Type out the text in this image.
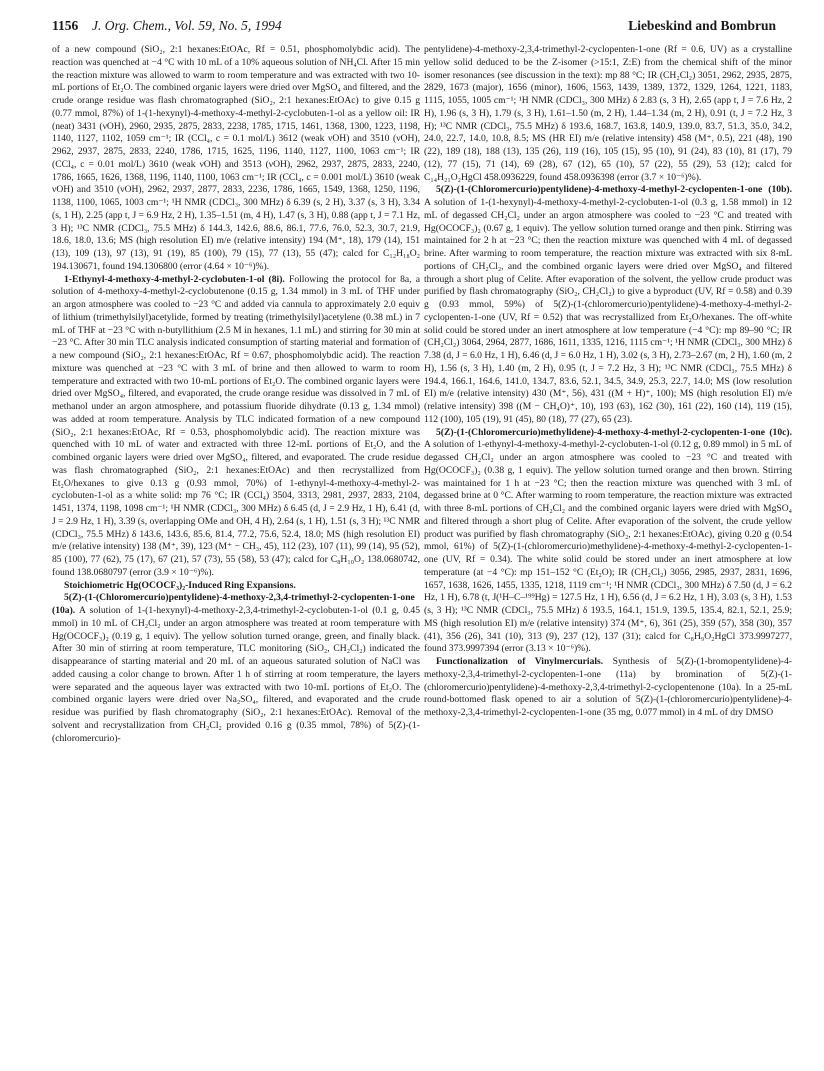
1156 J. Org. Chem., Vol. 59, No. 5, 1994	Liebeskind and Bombrun

of a new compound (SiO₂, 2:1 hexanes:EtOAc, Rf = 0.51, phosphomolybdic acid). The reaction was quenched at −4 °C with 10 mL of a 10% aqueous solution of NH₄Cl. After 15 min the reaction mixture was allowed to warm to room temperature and was extracted with two 10-mL portions of Et₂O. The combined organic layers were dried over MgSO₄ and filtered, and the crude orange residue was flash chromatographed (SiO₂, 2:1 hexanes:EtOAc) to give 0.15 g (0.77 mmol, 87%) of 1-(1-hexynyl)-4-methoxy-4-methyl-2-cyclobuten-1-ol as a yellow oil: IR (neat) 3431 (νOH), 2960, 2935, 2875, 2833, 2238, 1785, 1715, 1461, 1368, 1300, 1223, 1198, 1140, 1127, 1102, 1059 cm⁻¹; IR (CCl₄, c = 0.1 mol/L) 3612 (weak νOH) and 3510 (νOH), 2962, 2937, 2875, 2833, 2240, 1786, 1715, 1625, 1196, 1140, 1127, 1100, 1063 cm⁻¹; IR (CCl₄, c = 0.01 mol/L) 3610 (weak νOH) and 3513 (νOH), 2962, 2937, 2875, 2833, 2240, 1786, 1665, 1626, 1368, 1196, 1140, 1100, 1063 cm⁻¹; IR (CCl₄, c = 0.001 mol/L) 3610 (weak νOH) and 3510 (νOH), 2962, 2937, 2877, 2833, 2236, 1786, 1665, 1549, 1368, 1250, 1196, 1138, 1100, 1065, 1003 cm⁻¹; ¹H NMR (CDCl₃, 300 MHz) δ 6.39 (s, 2 H), 3.37 (s, 3 H), 3.34 (s, 1 H), 2.25 (app t, J = 6.9 Hz, 2 H), 1.35–1.51 (m, 4 H), 1.47 (s, 3 H), 0.88 (app t, J = 7.1 Hz, 3 H); ¹³C NMR (CDCl₃, 75.5 MHz) δ 144.3, 142.6, 88.6, 86.1, 77.6, 76.0, 52.3, 30.7, 21.9, 18.6, 18.0, 13.6; MS (high resolution EI) m/e (relative intensity) 194 (M⁺, 18), 179 (14), 151 (13), 109 (13), 97 (13), 91 (19), 85 (100), 79 (15), 77 (13), 55 (47); calcd for C₁₂H₁₈O₂ 194.130671, found 194.1306800 (error (4.64 × 10⁻⁶)%).

1-Ethynyl-4-methoxy-4-methyl-2-cyclobuten-1-ol (8i). Following the protocol for 8a, a solution of 4-methoxy-4-methyl-2-cyclobutenone (0.15 g, 1.34 mmol) in 3 mL of THF under an argon atmosphere was cooled to −23 °C and added via cannula to approximately 2.0 equiv of lithium (trimethylsilyl)acetylide, formed by treating (trimethylsilyl)acetylene (0.38 mL) in 7 mL of THF at −23 °C with n-butyllithium (2.5 M in hexanes, 1.1 mL) and stirring for 30 min at −23 °C. After 30 min TLC analysis indicated consumption of starting material and formation of a new compound (SiO₂, 2:1 hexanes:EtOAc, Rf = 0.67, phosphomolybdic acid). The reaction mixture was quenched at −23 °C with 3 mL of brine and then allowed to warm to room temperature and extracted with two 10-mL portions of Et₂O. The combined organic layers were dried over MgSO₄, filtered, and evaporated, the crude orange residue was dissolved in 7 mL of methanol under an argon atmosphere, and potassium fluoride dihydrate (0.13 g, 1.34 mmol) was added at room temperature. Analysis by TLC indicated formation of a new compound (SiO₂, 2:1 hexanes:EtOAc, Rf = 0.53, phosphomolybdic acid). The reaction mixture was quenched with 10 mL of water and extracted with three 12-mL portions of Et₂O, and the combined organic layers were dried over MgSO₄, filtered, and evaporated. The crude residue was flash chromatographed (SiO₂, 2:1 hexanes:EtOAc) and then recrystallized from Et₂O/hexanes to give 0.13 g (0.93 mmol, 70%) of 1-ethynyl-4-methoxy-4-methyl-2-cyclobuten-1-ol as a white solid: mp 76 °C; IR (CCl₄) 3504, 3313, 2981, 2937, 2833, 2104, 1451, 1374, 1198, 1098 cm⁻¹; ¹H NMR (CDCl₃, 300 MHz) δ 6.45 (d, J = 2.9 Hz, 1 H), 6.41 (d, J = 2.9 Hz, 1 H), 3.39 (s, overlapping OMe and OH, 4 H), 2.64 (s, 1 H), 1.51 (s, 3 H); ¹³C NMR (CDCl₃, 75.5 MHz) δ 143.6, 143.6, 85.6, 81.4, 77.2, 75.6, 52.4, 18.0; MS (high resolution EI) m/e (relative intensity) 138 (M⁺, 39), 123 (M⁺ − CH₃, 45), 112 (23), 107 (11), 99 (14), 95 (52), 85 (100), 77 (62), 75 (17), 67 (21), 57 (73), 55 (58), 53 (47); calcd for C₈H₁₀O₂ 138.0680742, found 138.0680797 (error (3.9 × 10⁻⁶)%).

Stoichiometric Hg(OCOCF₃)₂-Induced Ring Expansions.

5(Z)-(1-(Chloromercurio)pentylidene)-4-methoxy-2,3,4-trimethyl-2-cyclopenten-1-one (10a). A solution of 1-(1-hexynyl)-4-methoxy-2,3,4-trimethyl-2-cyclobuten-1-ol (0.1 g, 0.45 mmol) in 10 mL of CH₂Cl₂ under an argon atmosphere was treated at room temperature with Hg(OCOCF₃)₂ (0.19 g, 1 equiv). The yellow solution turned orange, green, and finally black. After 30 min of stirring at room temperature, TLC monitoring (SiO₂, CH₂Cl₂) indicated the disappearance of starting material and 20 mL of an aqueous saturated solution of NaCl was added causing a color change to brown. After 1 h of stirring at room temperature, the layers were separated and the aqueous layer was extracted with two 10-mL portions of Et₂O. The combined organic layers were dried over Na₂SO₄, filtered, and evaporated and the crude residue was purified by flash chromatography (SiO₂, 2:1 hexanes:EtOAc). Removal of the solvent and recrystallization from CH₂Cl₂ provided 0.16 g (0.35 mmol, 78%) of 5(Z)-(1-(chloromercurio)-

pentylidene)-4-methoxy-2,3,4-trimethyl-2-cyclopenten-1-one (Rf = 0.6, UV) as a crystalline yellow solid deduced to be the Z-isomer (>15:1, Z:E) from the chemical shift of the minor isomer resonances (see discussion in the text): mp 88 °C; IR (CH₂Cl₂) 3051, 2962, 2935, 2875, 2829, 1673 (major), 1656 (minor), 1606, 1563, 1439, 1389, 1372, 1329, 1264, 1221, 1183, 1115, 1055, 1005 cm⁻¹; ¹H NMR (CDCl₃, 300 MHz) δ 2.83 (s, 3 H), 2.65 (app t, J = 7.6 Hz, 2 H), 1.96 (s, 3 H), 1.79 (s, 3 H), 1.61–1.50 (m, 2 H), 1.44–1.34 (m, 2 H), 0.91 (t, J = 7.2 Hz, 3 H); ¹³C NMR (CDCl₃, 75.5 MHz) δ 193.6, 168.7, 163.8, 140.9, 139.0, 83.7, 51.3, 35.0, 34.2, 24.0, 22.7, 14.0, 10.8, 8.5; MS (HR EI) m/e (relative intensity) 458 (M⁺, 0.5), 221 (48), 190 (22), 189 (18), 188 (13), 135 (26), 119 (16), 105 (15), 95 (10), 91 (24), 83 (10), 81 (17), 79 (12), 77 (15), 71 (14), 69 (28), 67 (12), 65 (10), 57 (22), 55 (29), 53 (12); calcd for C₁₄H₂₁O₂HgCl 458.0936229, found 458.0936398 (error (3.7 × 10⁻⁶)%).

5(Z)-(1-(Chloromercurio)pentylidene)-4-methoxy-4-methyl-2-cyclopenten-1-one (10b). A solution of 1-(1-hexynyl)-4-methoxy-4-methyl-2-cyclobuten-1-ol (0.3 g, 1.58 mmol) in 12 mL of degassed CH₂Cl₂ under an argon atmosphere was cooled to −23 °C and treated with Hg(OCOCF₃)₂ (0.67 g, 1 equiv). The yellow solution turned orange and then pink. Stirring was maintained for 2 h at −23 °C; then the reaction mixture was quenched with 4 mL of degassed brine. After warming to room temperature, the reaction mixture was extracted with six 8-mL portions of CH₂Cl₂, and the combined organic layers were dried over MgSO₄ and filtered through a short plug of Celite. After evaporation of the solvent, the yellow crude product was purified by flash chromatography (SiO₂, CH₂Cl₂) to give a byproduct (UV, Rf = 0.58) and 0.39 g (0.93 mmol, 59%) of 5(Z)-(1-(chloromercurio)pentylidene)-4-methoxy-4-methyl-2-cyclopenten-1-one (UV, Rf = 0.52) that was recrystallized from Et₂O/hexanes. The off-white solid could be stored under an inert atmosphere at low temperature (−4 °C): mp 89–90 °C; IR (CH₂Cl₂) 3064, 2964, 2877, 1686, 1611, 1335, 1216, 1115 cm⁻¹; ¹H NMR (CDCl₃, 300 MHz) δ 7.38 (d, J = 6.0 Hz, 1 H), 6.46 (d, J = 6.0 Hz, 1 H), 3.02 (s, 3 H), 2.73–2.67 (m, 2 H), 1.60 (m, 2 H), 1.56 (s, 3 H), 1.40 (m, 2 H), 0.95 (t, J = 7.2 Hz, 3 H); ¹³C NMR (CDCl₃, 75.5 MHz) δ 194.4, 166.1, 164.6, 141.0, 134.7, 83.6, 52.1, 34.5, 34.9, 25.3, 22.7, 14.0; MS (low resolution EI) m/e (relative intensity) 430 (M⁺, 56), 431 ((M + H)⁺, 100); MS (high resolution EI) m/e (relative intensity) 398 ((M − CH₄O)⁺, 10), 193 (63), 162 (30), 161 (22), 160 (14), 119 (15), 112 (100), 105 (19), 91 (45), 80 (18), 77 (27), 65 (23).

5(Z)-(1-(Chloromercurio)methylidene)-4-methoxy-4-methyl-2-cyclopenten-1-one (10c). A solution of 1-ethynyl-4-methoxy-4-methyl-2-cyclobuten-1-ol (0.12 g, 0.89 mmol) in 5 mL of degassed CH₂Cl₂ under an argon atmosphere was cooled to −23 °C and treated with Hg(OCOCF₃)₂ (0.38 g, 1 equiv). The yellow solution turned orange and then brown. Stirring was maintained for 1 h at −23 °C; then the reaction mixture was quenched with 3 mL of degassed brine at 0 °C. After warming to room temperature, the reaction mixture was extracted with three 8-mL portions of CH₂Cl₂ and the combined organic layers were dried with MgSO₄ and filtered through a short plug of Celite. After evaporation of the solvent, the crude yellow product was purified by flash chromatography (SiO₂, 2:1 hexanes:EtOAc), giving 0.20 g (0.54 mmol, 61%) of 5(Z)-(1-(chloromercurio)methylidene)-4-methoxy-4-methyl-2-cyclopenten-1-one (UV, Rf = 0.34). The white solid could be stored under an inert atmosphere at low temperature (at −4 °C): mp 151–152 °C (Et₂O); IR (CH₂Cl₂) 3056, 2985, 2937, 2831, 1696, 1657, 1638, 1626, 1455, 1335, 1218, 1119 cm⁻¹; ¹H NMR (CDCl₃, 300 MHz) δ 7.50 (d, J = 6.2 Hz, 1 H), 6.78 (t, J(¹H–C–¹⁹⁹Hg) = 127.5 Hz, 1 H), 6.56 (d, J = 6.2 Hz, 1 H), 3.03 (s, 3 H), 1.53 (s, 3 H); ¹³C NMR (CDCl₃, 75.5 MHz) δ 193.5, 164.1, 151.9, 139.5, 135.4, 82.1, 52.1, 25.9; MS (high resolution EI) m/e (relative intensity) 374 (M⁺, 6), 361 (25), 359 (57), 358 (30), 357 (41), 356 (26), 341 (10), 313 (9), 237 (12), 137 (31); calcd for C₈H₉O₂HgCl 373.9997277, found 373.9997394 (error (3.13 × 10⁻⁶)%).

Functionalization of Vinylmercurials. Synthesis of 5(Z)-(1-bromopentylidene)-4-methoxy-2,3,4-trimethyl-2-cyclopenten-1-one (11a) by bromination of 5(Z)-(1-(chloromercurio)pentylidene)-4-methoxy-2,3,4-trimethyl-2-cyclopentenone (10a). In a 25-mL round-bottomed flask opened to air a solution of 5(Z)-(1-(chloromercurio)pentylidene)-4-methoxy-2,3,4-trimethyl-2-cyclopenten-1-one (35 mg, 0.077 mmol) in 4 mL of dry DMSO
